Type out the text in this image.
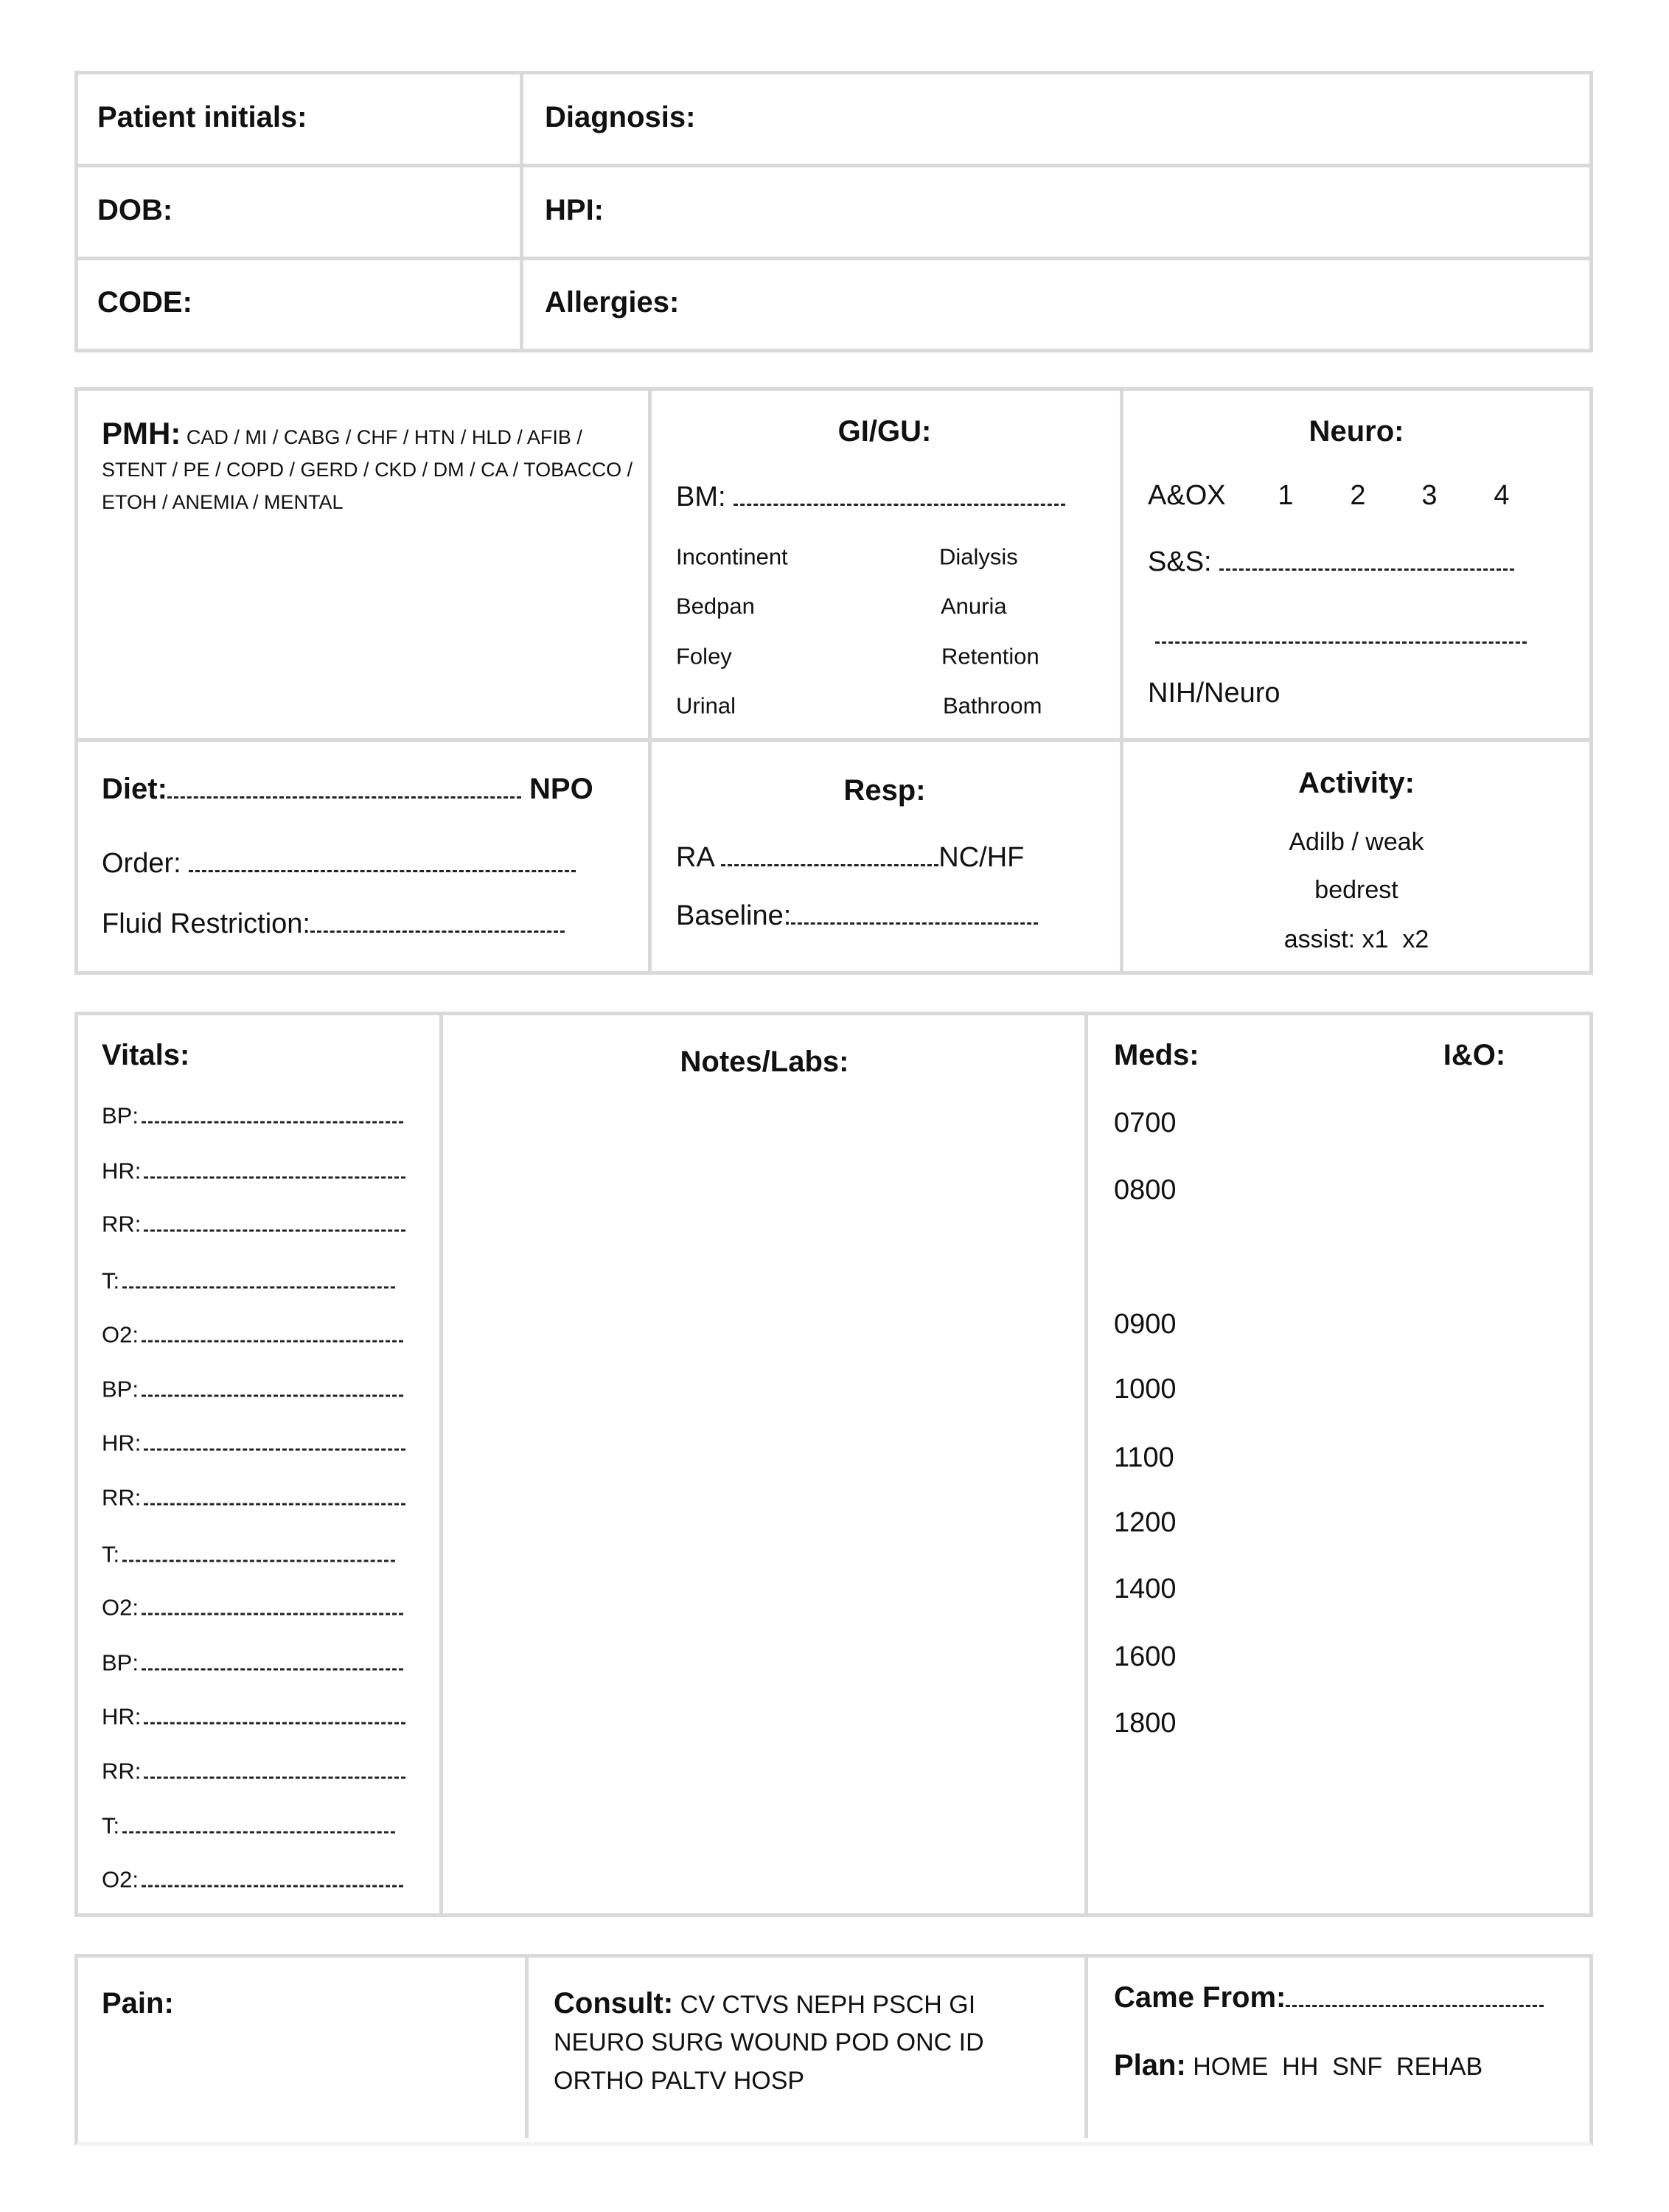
Patient initials:	Diagnosis:
DOB:	HPI:
CODE:	Allergies:
PMH: CAD / MI / CABG / CHF / HTN / HLD / AFIB / STENT / PE / COPD / GERD / CKD / DM / CA / TOBACCO / ETOH / ANEMIA / MENTAL
GI/GU:
BM:
Incontinent
Bedpan
Foley
Urinal
Dialysis
Anuria
Retention
Bathroom
Neuro:
A&OX 1 2 3 4
S&S:
NIH/Neuro
Diet:	NPO
Order:
Fluid Restriction:
Resp:
RA	NC/HF
Baseline:
Activity:
Adilb / weak
bedrest
assist: x1  x2
Vitals:
BP:
HR:
RR:
T:
O2:
BP:
HR:
RR:
T:
O2:
BP:
HR:
RR:
T:
O2:
Notes/Labs:	Meds:	I&O:
0700
0800
0900
1000
1100
1200
1400
1600
1800
Pain:	Consult: CV CTVS NEPH PSCH GI
NEURO SURG WOUND POD ONC ID
ORTHO PALTV HOSP
Came From:
Plan: HOME  HH  SNF  REHAB
